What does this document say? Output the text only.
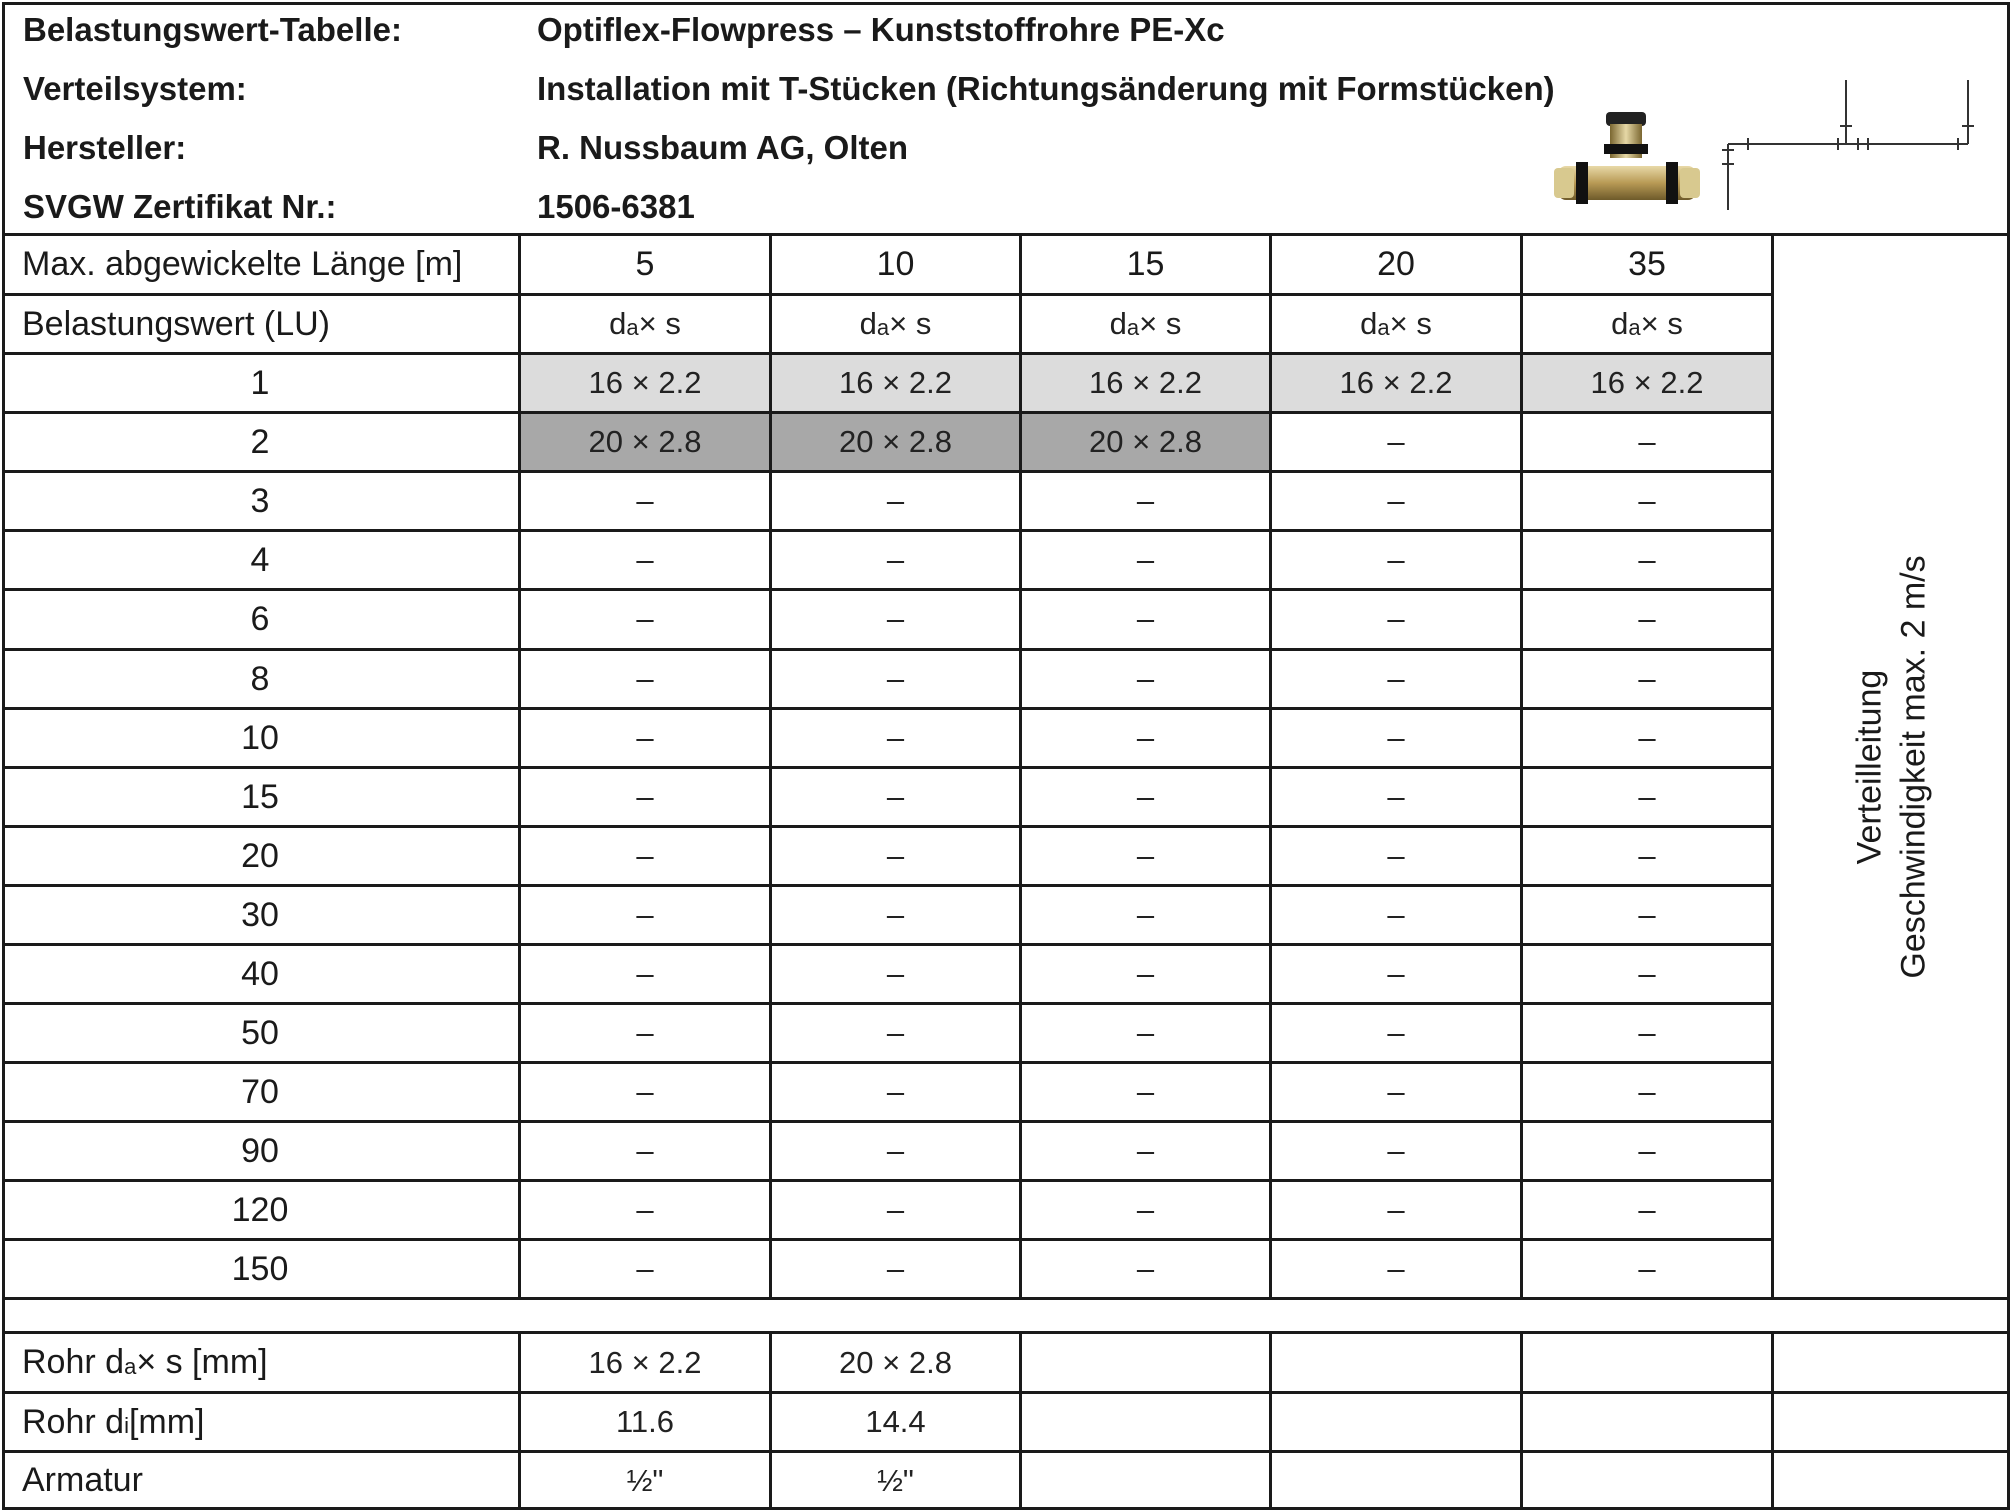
Belastungswert-Tabelle:	Optiflex-Flowpress – Kunststoffrohre PE-Xc
Verteilsystem:	Installation mit T-Stücken (Richtungsänderung mit Formstücken)
Hersteller:	R. Nussbaum AG, Olten
SVGW Zertifikat Nr.:	1506-6381
Max. abgewickelte Länge [m]	5	10	15	20	35
Belastungswert (LU)	d a × s	d a × s	d a × s	d a × s	d a × s
1	16 × 2.2	16 × 2.2	16 × 2.2	16 × 2.2	16 × 2.2
2	20 × 2.8	20 × 2.8	20 × 2.8	–	–
3	–	–	–	–	–
4	–	–	–	–	–
6	–	–	–	–	–
8	–	–	–	–	–
10	–	–	–	–	–
15	–	–	–	–	–
20	–	–	–	–	–
30	–	–	–	–	–
40	–	–	–	–	–
50	–	–	–	–	–
70	–	–	–	–	–
90	–	–	–	–	–
120	–	–	–	–	–
150	–	–	–	–	–
Verteilleitung Geschwindigkeit max. 2 m/s
Rohr d a × s [mm]	16 × 2.2	20 × 2.8
Rohr d i [mm]	11.6	14.4
Armatur	½"	½"
